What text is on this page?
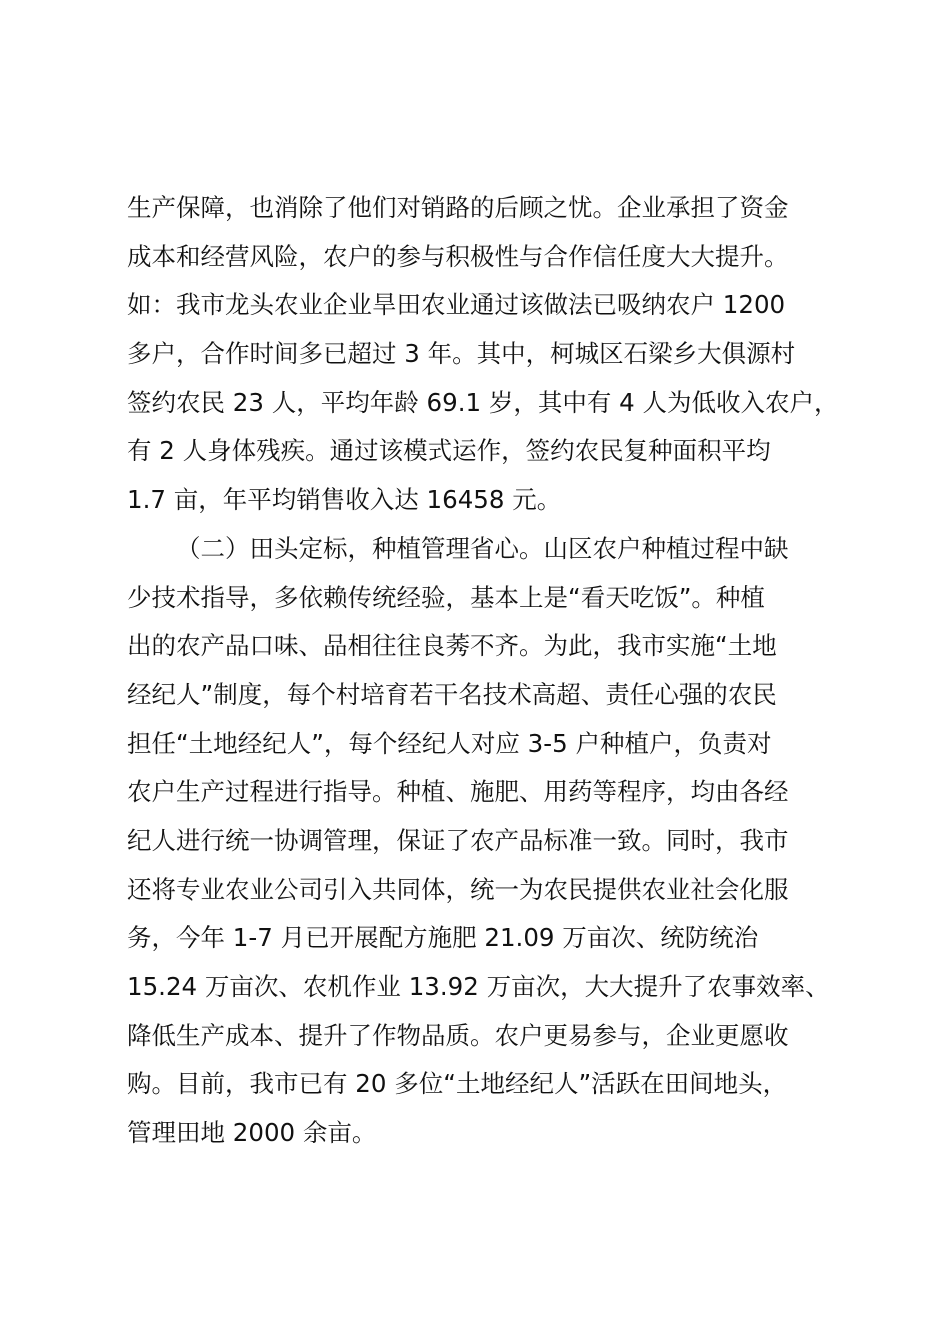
生产保障，也消除了他们对销路的后顾之忧。企业承担了资金
成本和经营风险，农户的参与积极性与合作信任度大大提升。
如：我市龙头农业企业旱田农业通过该做法已吸纳农户 1200
多户，合作时间多已超过 3 年。其中，柯城区石梁乡大俱源村
签约农民 23 人，平均年龄 69.1 岁，其中有 4 人为低收入农户，
有 2 人身体残疾。通过该模式运作，签约农民复种面积平均
1.7 亩，年平均销售收入达 16458 元。
（二）田头定标，种植管理省心。山区农户种植过程中缺
少技术指导，多依赖传统经验，基本上是“看天吃饭”。种植
出的农产品口味、品相往往良莠不齐。为此，我市实施“土地
经纪人”制度，每个村培育若干名技术高超、责任心强的农民
担任“土地经纪人”，每个经纪人对应 3-5 户种植户，负责对
农户生产过程进行指导。种植、施肥、用药等程序，均由各经
纪人进行统一协调管理，保证了农产品标准一致。同时，我市
还将专业农业公司引入共同体，统一为农民提供农业社会化服
务，今年 1-7 月已开展配方施肥 21.09 万亩次、统防统治
15.24 万亩次、农机作业 13.92 万亩次，大大提升了农事效率、
降低生产成本、提升了作物品质。农户更易参与，企业更愿收
购。目前，我市已有 20 多位“土地经纪人”活跃在田间地头，
管理田地 2000 余亩。
